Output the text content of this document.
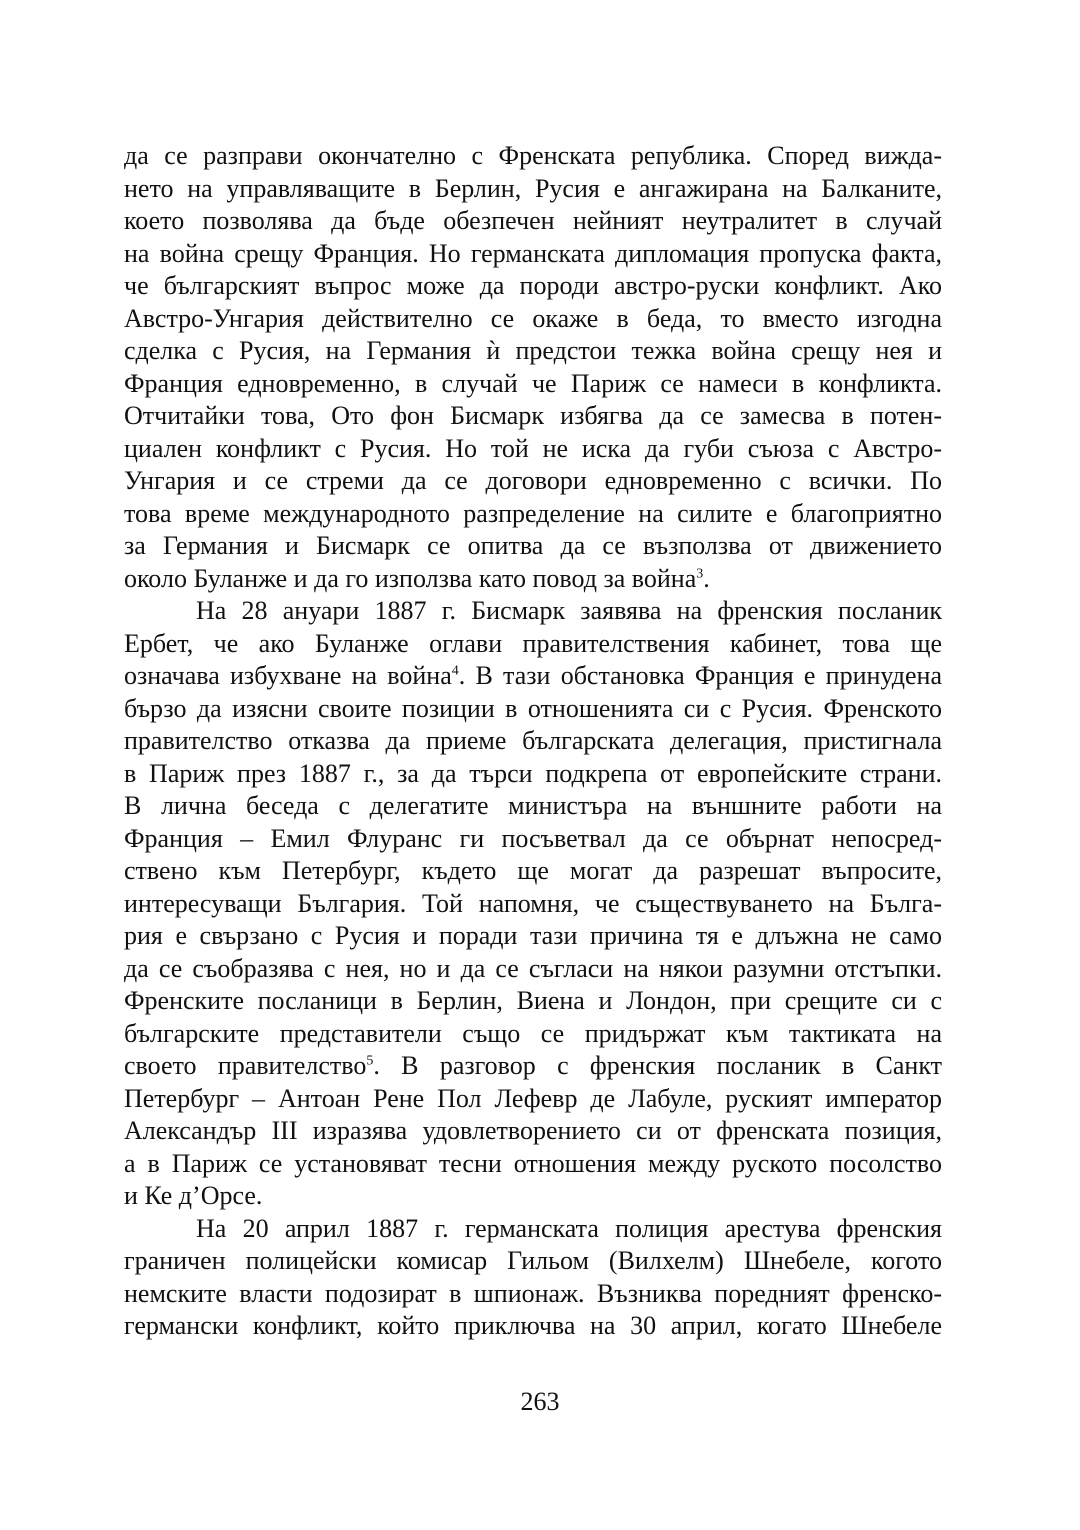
да се разправи окончателно с Френската република. Според вижда-
нето на управляващите в Берлин, Русия е ангажирана на Балканите,
което позволява да бъде обезпечен нейният неутралитет в случай
на война срещу Франция. Но германската дипломация пропуска факта,
че българският въпрос може да породи австро-руски конфликт. Ако
Австро-Унгария действително се окаже в беда, то вместо изгодна
сделка с Русия, на Германия ѝ предстои тежка война срещу нея и
Франция едновременно, в случай че Париж се намеси в конфликта.
Отчитайки това, Ото фон Бисмарк избягва да се замесва в потен-
циален конфликт с Русия. Но той не иска да губи съюза с Австро-
Унгария и се стреми да се договори едновременно с всички. По
това време международното разпределение на силите е благоприятно
за Германия и Бисмарк се опитва да се възползва от движението
около Буланже и да го използва като повод за война$^3$.

На 28 ануари 1887 г. Бисмарк заявява на френския посланик
Ербет, че ако Буланже оглави правителствения кабинет, това ще
означава избухване на война$^4$. В тази обстановка Франция е принудена
бързо да изясни своите позиции в отношенията си с Русия. Френското
правителство отказва да приеме българската делегация, пристигнала
в Париж през 1887 г., за да търси подкрепа от европейските страни.
В лична беседа с делегатите министъра на външните работи на
Франция – Емил Флуранс ги посъветвал да се обърнат непосред-
ствено към Петербург, където ще могат да разрешат въпросите,
интересуващи България. Той напомня, че съществуването на Бълга-
рия е свързано с Русия и поради тази причина тя е длъжна не само
да се съобразява с нея, но и да се съгласи на някои разумни отстъпки.
Френските посланици в Берлин, Виена и Лондон, при срещите си с
българските представители също се придържат към тактиката на
своето правителство$^5$. В разговор с френския посланик в Санкт
Петербург – Антоан Рене Пол Лефевр де Лабуле, руският император
Александър III изразява удовлетворението си от френската позиция,
а в Париж се установяват тесни отношения между руското посолство
и Ке д’Орсе.

На 20 април 1887 г. германската полиция арестува френския
граничен полицейски комисар Гильом (Вилхелм) Шнебеле, когото
немските власти подозират в шпионаж. Възниква поредният френско-
германски конфликт, който приключва на 30 април, когато Шнебеле

263
